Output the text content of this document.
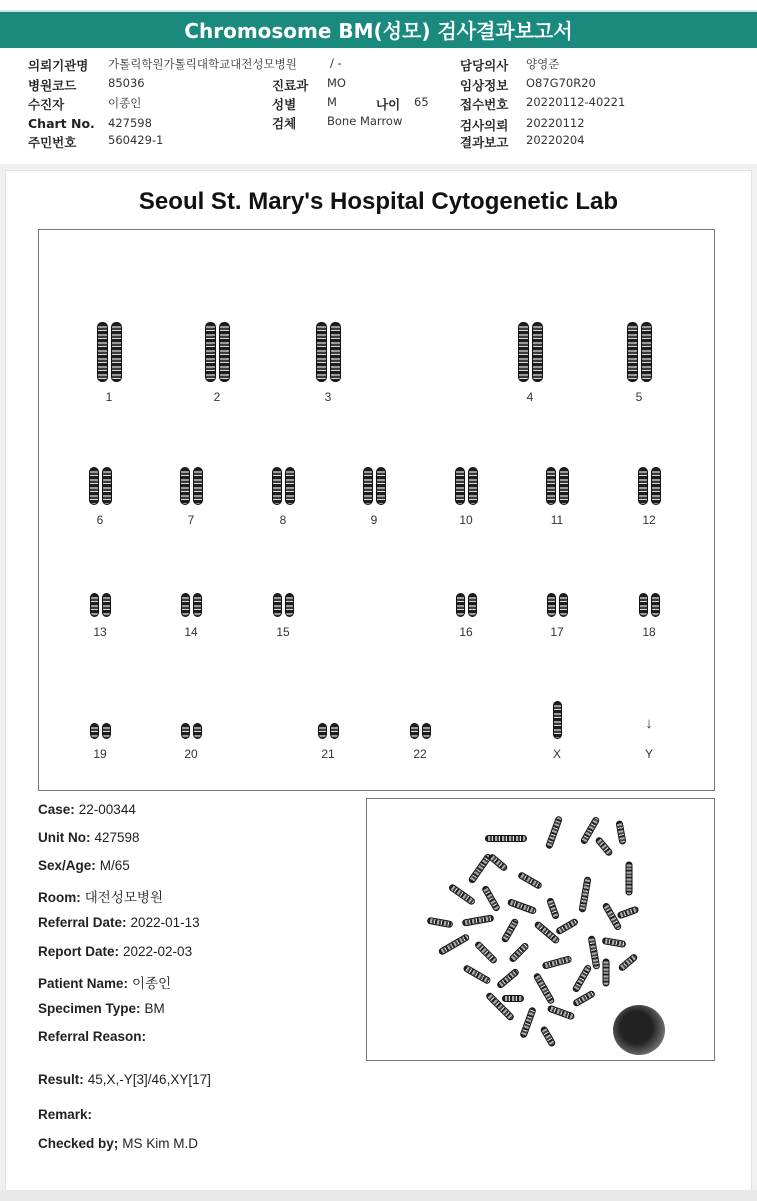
Chromosome BM(성모) 검사결과보고서
의뢰기관명 가톨릭학원가톨릭대학교대전성모병원	/ -
병원코드	85036
수진자	이종인
Chart No. 427598
주민번호	560429-1
진료과 MO
성별	M	나이 65
검체	Bone Marrow
담당의사 양영준
임상정보 O87G70R20
접수번호 20220112-40221
검사의뢰 20220112
결과보고 20220204
Seoul St. Mary's Hospital Cytogenetic Lab
1	2	3	4	5
6	7	8	9	10	11	12
13	14	15	16	17	18
19	20	21	22	X
↓
Y
Case: 22-00344
Unit No: 427598
Sex/Age: M/65
Room: 대전성모병원
Referral Date: 2022-01-13
Report Date: 2022-02-03
Patient Name: 이종인
Specimen Type: BM
Referral Reason:
Result: 45,X,-Y[3]/46,XY[17]
Remark:
Checked by; MS Kim M.D
